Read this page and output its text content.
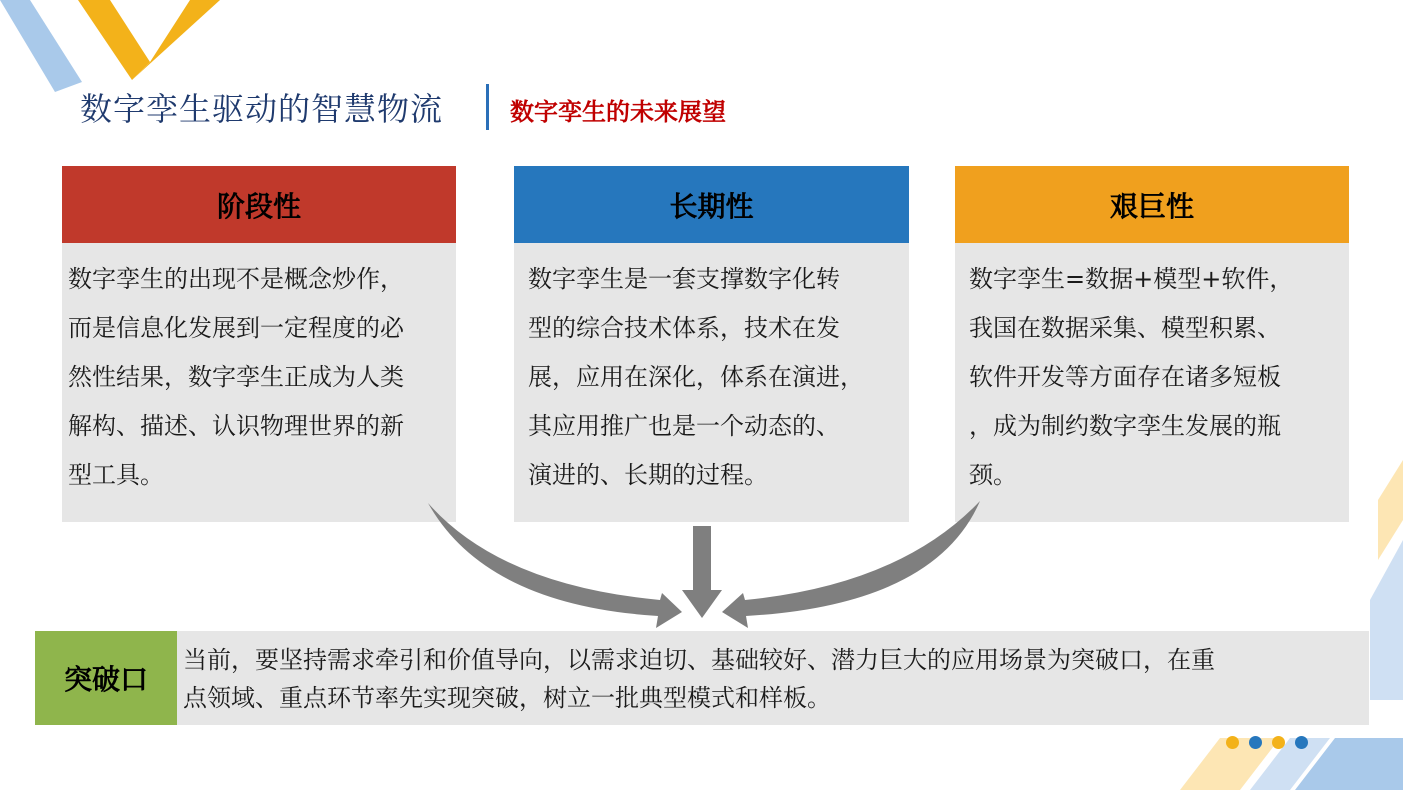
数字孪生驱动的智慧物流	数字孪生的未来展望
阶段性
数字孪生的出现不是概念炒作，
而是信息化发展到一定程度的必
然性结果，数字孪生正成为人类
解构、描述、认识物理世界的新
型工具。
长期性
数字孪生是一套支撑数字化转
型的综合技术体系，技术在发
展，应用在深化，体系在演进，
其应用推广也是一个动态的、
演进的、长期的过程。
艰巨性
数字孪生=数据+模型+软件，
我国在数据采集、模型积累、
软件开发等方面存在诸多短板
，成为制约数字孪生发展的瓶
颈。
突破口
当前，要坚持需求牵引和价值导向，以需求迫切、基础较好、潜力巨大的应用场景为突破口，在重
点领域、重点环节率先实现突破，树立一批典型模式和样板。
